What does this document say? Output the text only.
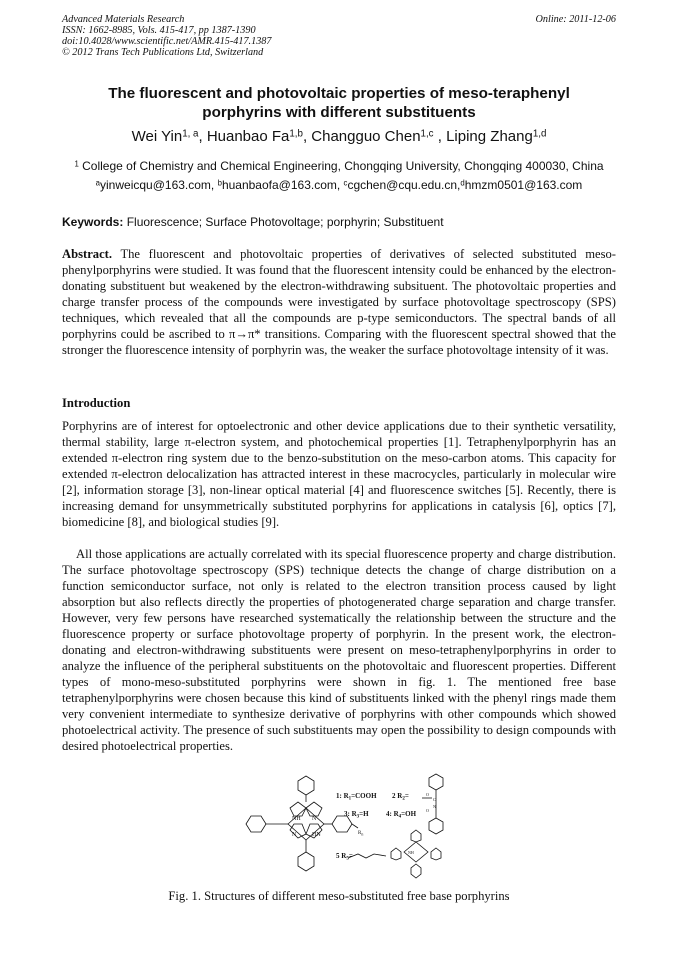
Advanced Materials Research
ISSN: 1662-8985, Vols. 415-417, pp 1387-1390
doi:10.4028/www.scientific.net/AMR.415-417.1387
© 2012 Trans Tech Publications Ltd, Switzerland
Online: 2011-12-06
The fluorescent and photovoltaic properties of meso-teraphenyl
porphyrins with different substituents
Wei Yin$^{1, a}$, Huanbao Fa$^{1,b}$, Changguo Chen$^{1,c}$ , Liping Zhang$^{1,d}$
$^1$ College of Chemistry and Chemical Engineering, Chongqing University, Chongqing 400030, China
$^a$yinweicqu@163.com, $^b$huanbaofa@163.com, $^c$cgchen@cqu.edu.cn,$^d$hmzm0501@163.com
Keywords: Fluorescence; Surface Photovoltage; porphyrin; Substituent
Abstract. The fluorescent and photovoltaic properties of derivatives of selected substituted meso-phenylporphyrins were studied. It was found that the fluorescent intensity could be enhanced by the electron-donating substituent but weakened by the electron-withdrawing subsituent. The photovoltaic properties and charge transfer process of the compounds were investigated by surface photovoltage spectroscopy (SPS) techniques, which revealed that all the compounds are p-type semiconductors. The spectral bands of all porphyrins could be ascribed to π→π* transitions. Comparing with the fluorescent spectral showed that the stronger the fluorescence intensity of porphyrin was, the weaker the surface photovoltage intensity of it was.
Introduction
Porphyrins are of interest for optoelectronic and other device applications due to their synthetic versatility, thermal stability, large π-electron system, and photochemical properties [1]. Tetraphenylporphyrin has an extended π-electron ring system due to the benzo-substitution on the meso-carbon atoms. This capacity for extended π-electron delocalization has attracted interest in these macrocycles, particularly in molecular wire [2], information storage [3], non-linear optical material [4] and fluorescence switches [5]. Recently, there is increasing demand for unsymmetrically substituted porphyrins for applications in catalysis [6], optics [7], biomedicine [8], and biological studies [9].
All those applications are actually correlated with its special fluorescence property and charge distribution. The surface photovoltage spectroscopy (SPS) technique detects the change of charge distribution on a function semiconductor surface, not only is related to the electron transition process caused by light absorption but also reflects directly the properties of photogenerated charge separation and charge transfer. However, very few persons have researched systematically the relationship between the structure and the fluorescence property or surface photovoltage property of porphyrin. In the present work, the electron-donating and electron-withdrawing substituents were present on meso-tetraphenylporphyrins in order to analyze the influence of the peripheral substituents on the photovoltaic and fluorescent properties. Different types of mono-meso-substituted porphyrins were shown in fig. 1. The mentioned free base tetraphenylporphyrins were chosen because this kind of substituents linked with the phenyl rings made them very convenient intermediate to synthesize derivative of porphyrins with other compounds which showed photoelectrical activity. The presence of such substituents may open the possibility to design compounds with desired photoelectrical properties.
NH N
N	HN	$R_n$
O
C
N
O
NH
1: $R_1=COOH$ 2 $R_2=$
3: $R_3=H$ 4: $R_4=OH$
5 $R_5=$
Fig. 1. Structures of different meso-substituted free base porphyrins
